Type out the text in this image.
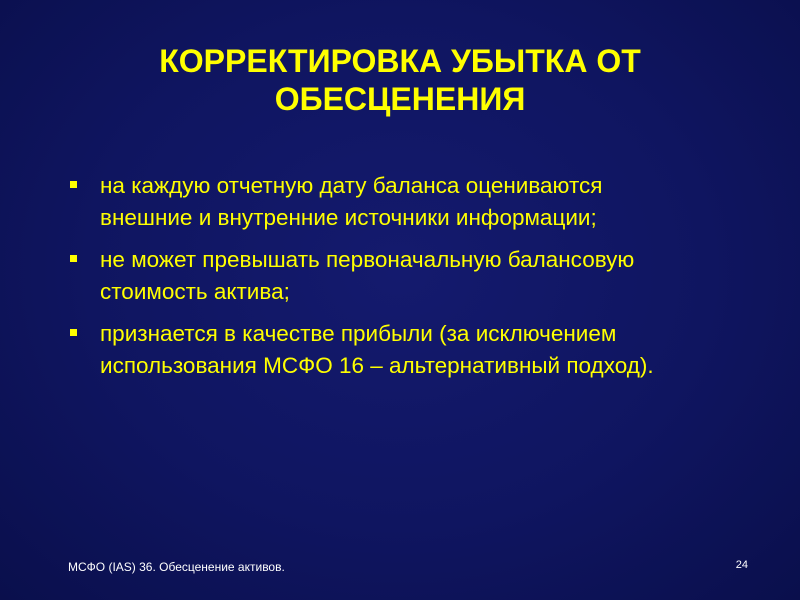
КОРРЕКТИРОВКА УБЫТКА ОТ
ОБЕСЦЕНЕНИЯ
на каждую отчетную дату баланса оцениваются
внешние и внутренние источники информации;
не может превышать первоначальную балансовую
стоимость актива;
признается в качестве прибыли (за исключением
использования МСФО 16 – альтернативный подход).
МСФО (IAS) 36. Обесценение активов.	24
